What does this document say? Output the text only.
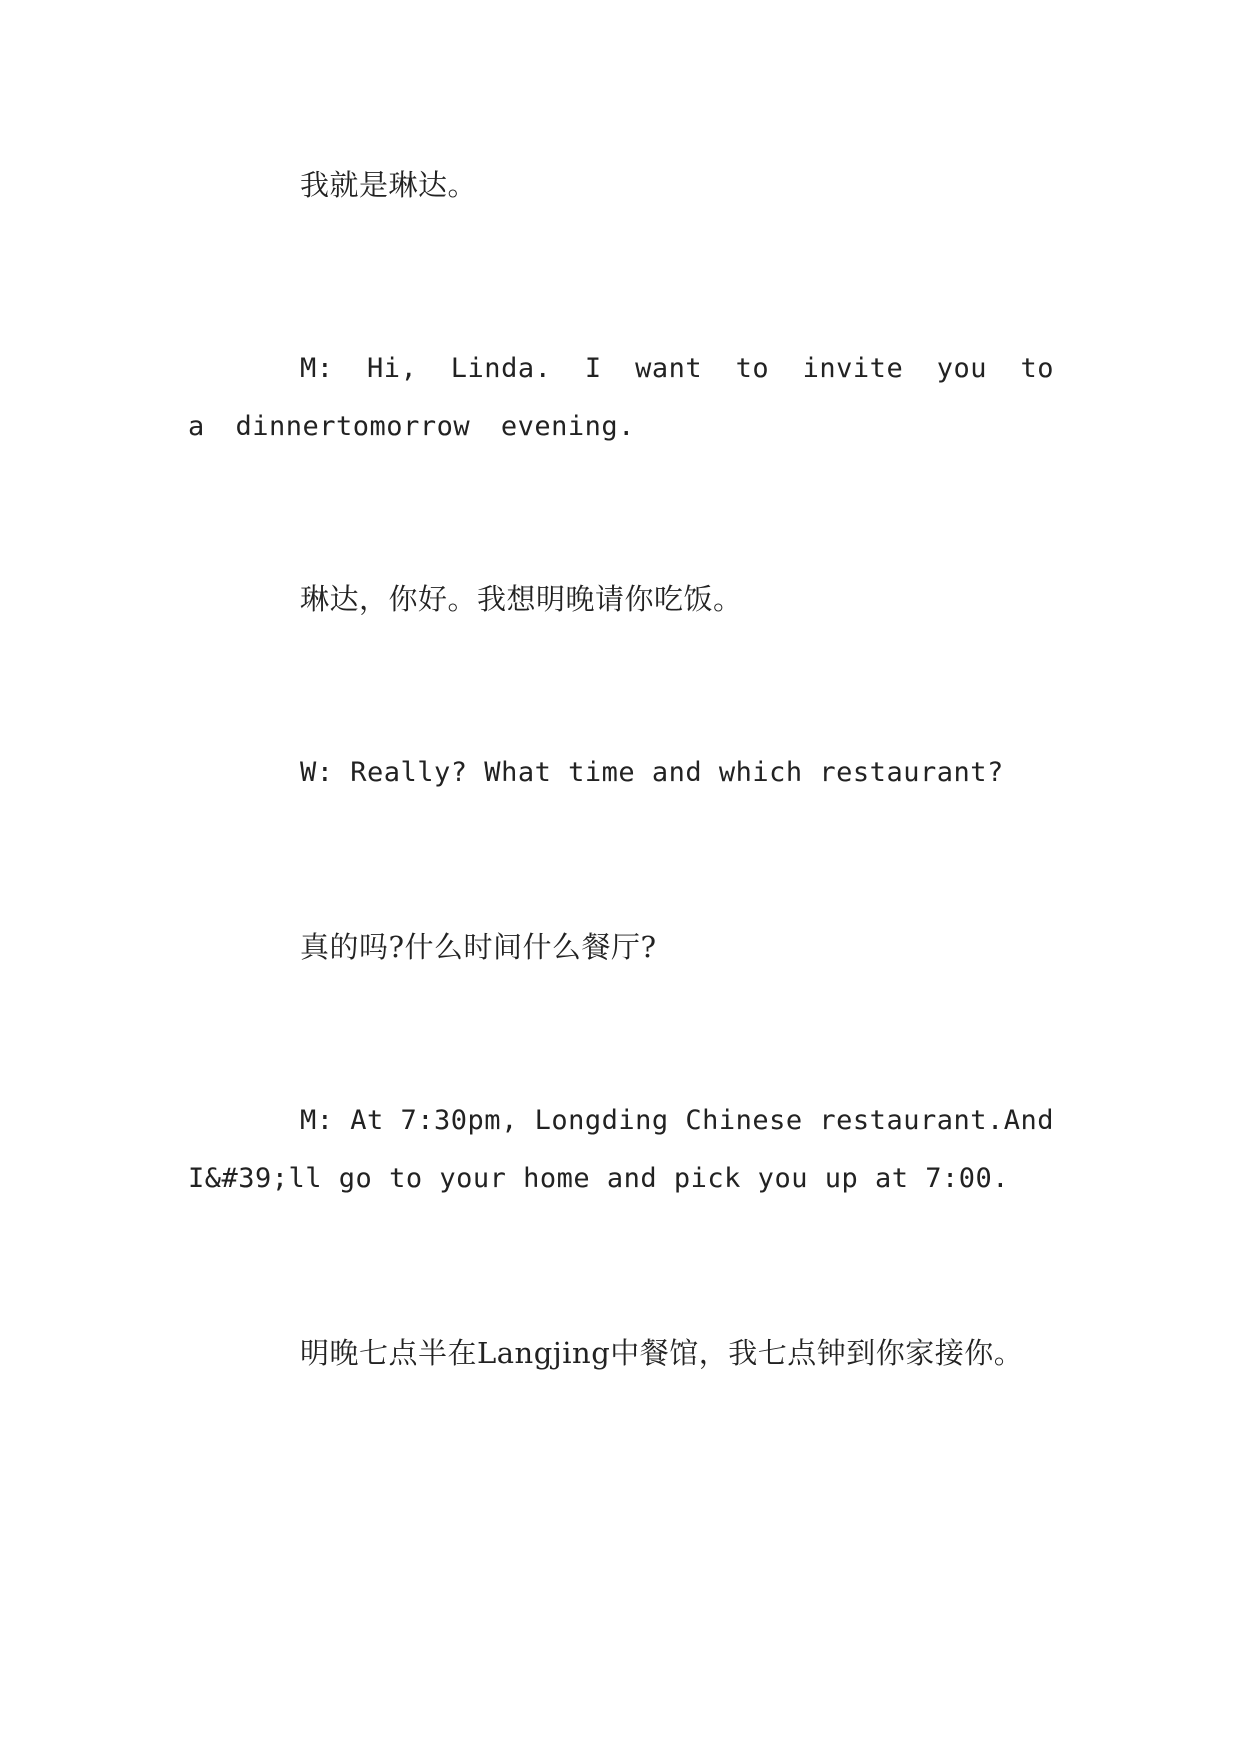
我就是琳达。

M: Hi, Linda. I want to invite you to a dinnertomorrow evening.

琳达，你好。我想明晚请你吃饭。

W: Really? What time and which restaurant?

真的吗?什么时间什么餐厅?

M: At 7:30pm, Longding Chinese restaurant.And I&#39;ll go to your home and pick you up at 7:00.

明晚七点半在Langjing中餐馆，我七点钟到你家接你。
